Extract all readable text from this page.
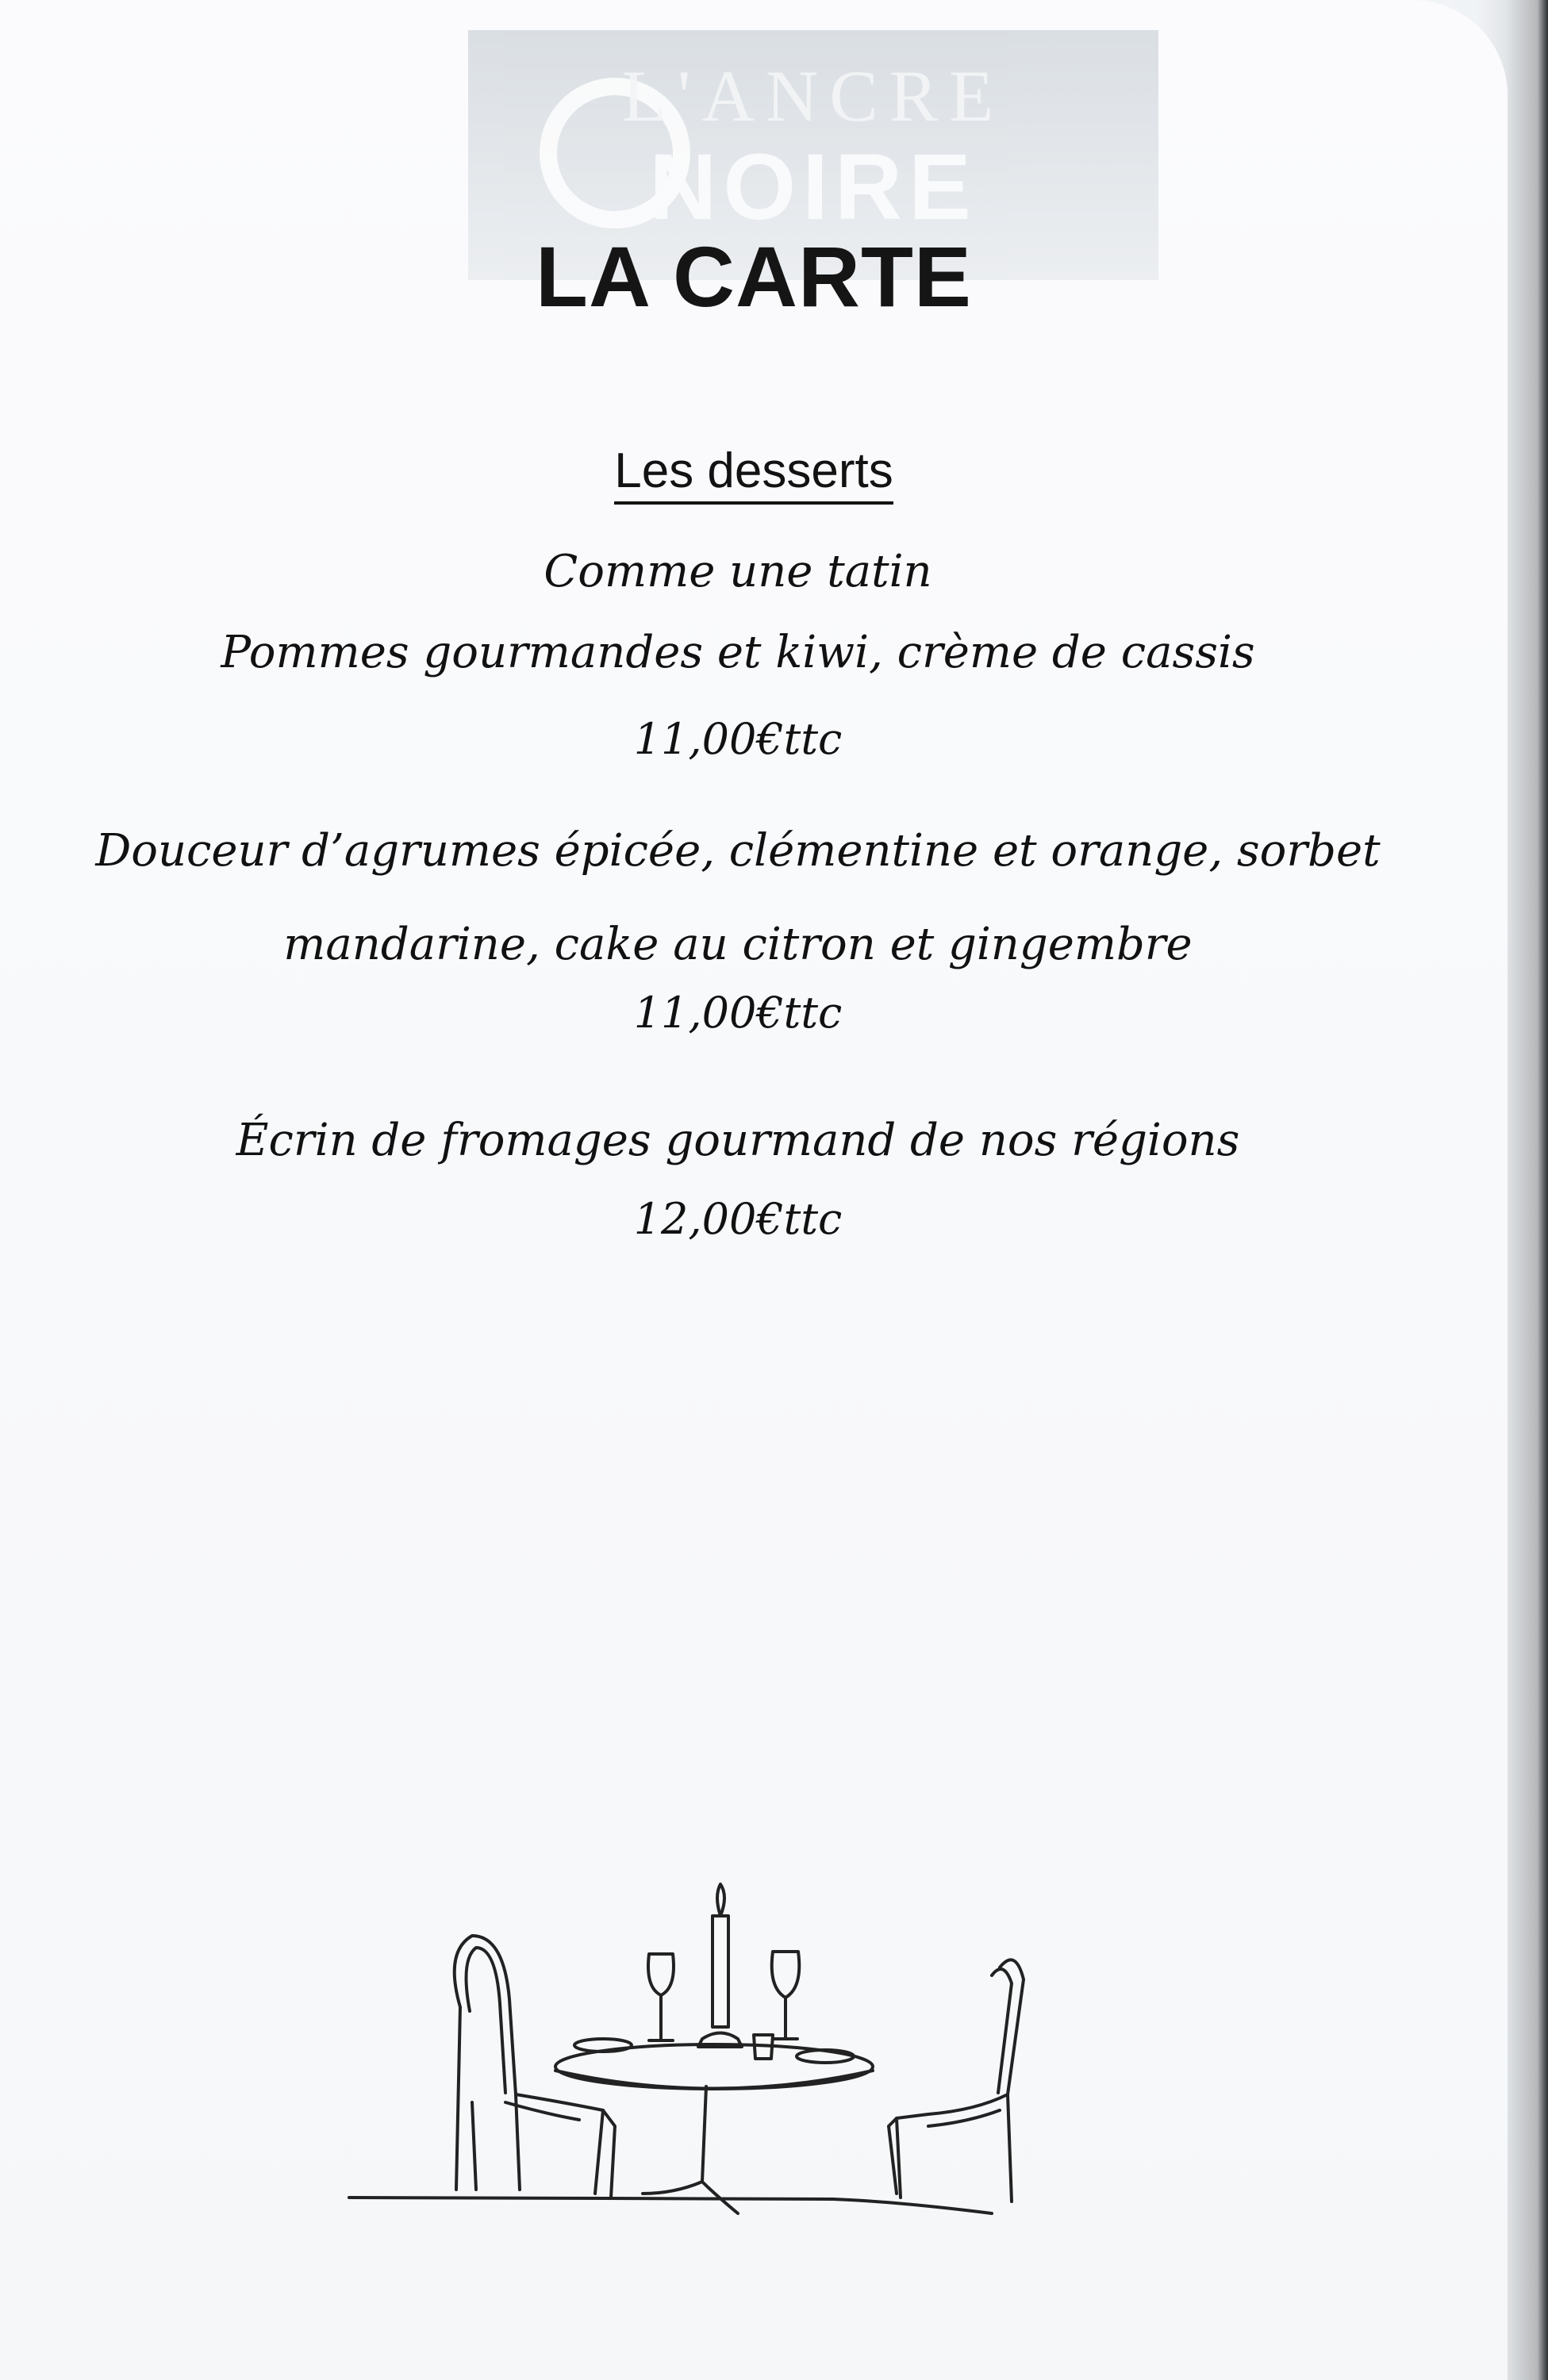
L'ANCRE
NOIRE
LA CARTE
Les desserts
Comme une tatin
Pommes gourmandes et kiwi, crème de cassis
11,00€ttc
Douceur d’agrumes épicée, clémentine et orange, sorbet
mandarine, cake au citron et gingembre
11,00€ttc
Écrin de fromages gourmand de nos régions
12,00€ttc
